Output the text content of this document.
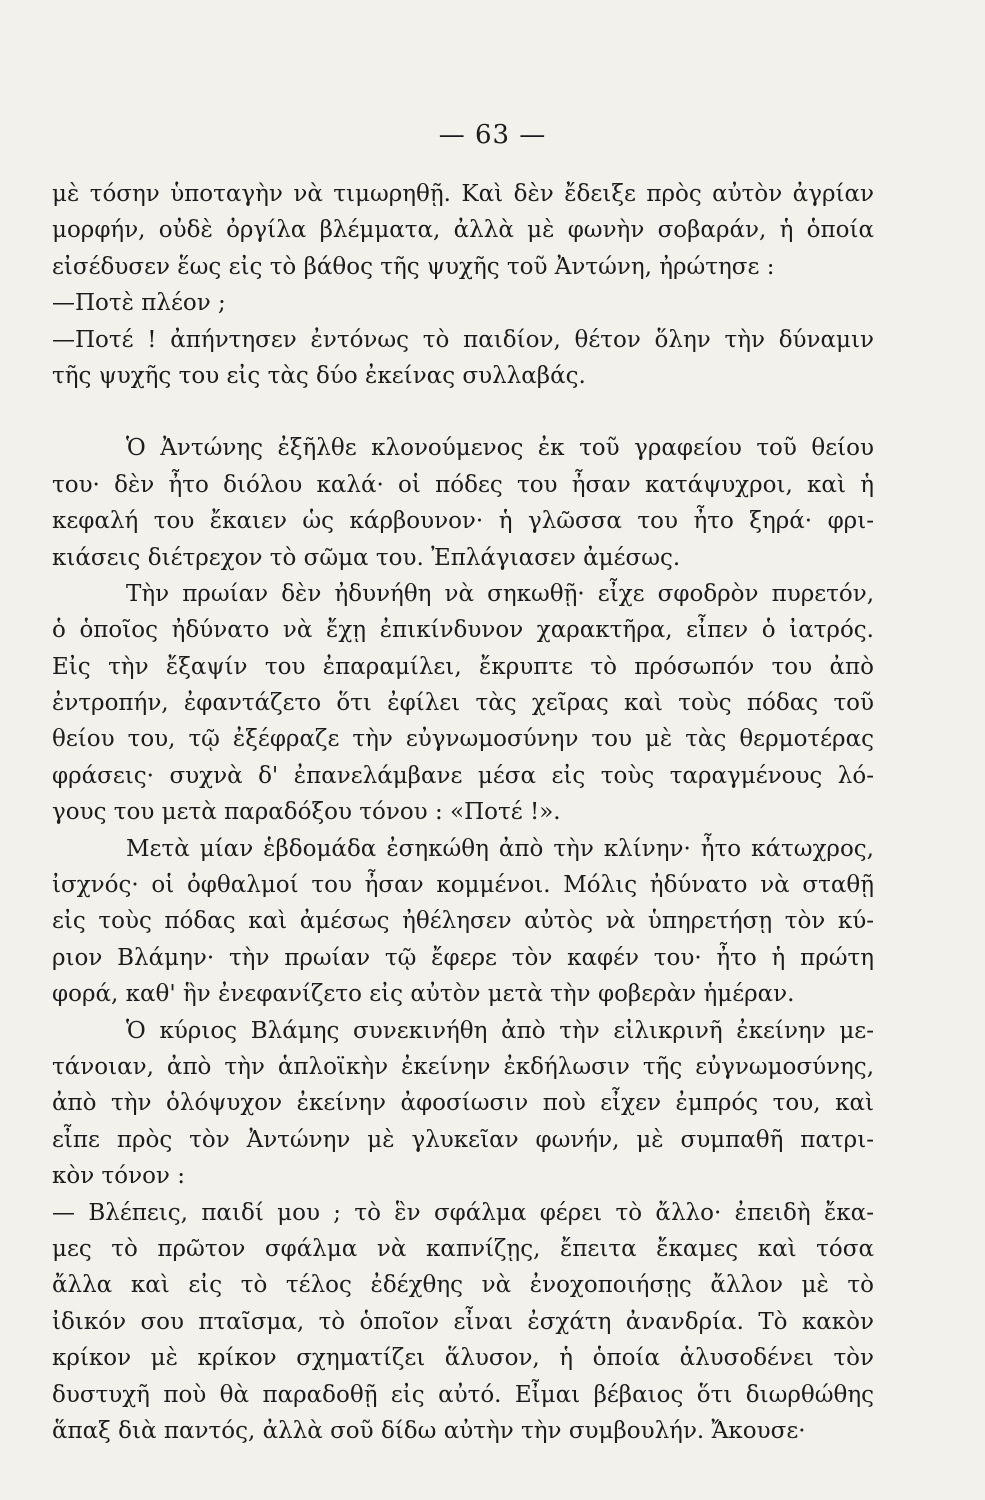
— 63 —
μὲ τόσην ὑποταγὴν νὰ τιμωρηθῇ. Καὶ δὲν ἔδειξε πρὸς αὐτὸν ἀγρίαν
μορφήν, οὐδὲ ὀργίλα βλέμματα, ἀλλὰ μὲ φωνὴν σοβαράν, ἡ ὁποία
εἰσέδυσεν ἕως εἰς τὸ βάθος τῆς ψυχῆς τοῦ Ἀντώνη, ἠρώτησε :
—Ποτὲ πλέον ;
—Ποτέ ! ἀπήντησεν ἐντόνως τὸ παιδίον, θέτον ὅλην τὴν δύναμιν
τῆς ψυχῆς του εἰς τὰς δύο ἐκείνας συλλαβάς.
Ὁ Ἀντώνης ἐξῆλθε κλονούμενος ἐκ τοῦ γραφείου τοῦ θείου
του· δὲν ἦτο διόλου καλά· οἱ πόδες του ἦσαν κατάψυχροι, καὶ ἡ
κεφαλή του ἔκαιεν ὡς κάρβουνον· ἡ γλῶσσα του ἦτο ξηρά· φρι-
κιάσεις διέτρεχον τὸ σῶμα του. Ἐπλάγιασεν ἀμέσως.
Τὴν πρωίαν δὲν ἠδυνήθη νὰ σηκωθῇ· εἶχε σφοδρὸν πυρετόν,
ὁ ὁποῖος ἠδύνατο νὰ ἔχῃ ἐπικίνδυνον χαρακτῆρα, εἶπεν ὁ ἰατρός.
Εἰς τὴν ἔξαψίν του ἐπαραμίλει, ἔκρυπτε τὸ πρόσωπόν του ἀπὸ
ἐντροπήν, ἐφαντάζετο ὅτι ἐφίλει τὰς χεῖρας καὶ τοὺς πόδας τοῦ
θείου του, τῷ ἐξέφραζε τὴν εὐγνωμοσύνην του μὲ τὰς θερμοτέρας
φράσεις· συχνὰ δ' ἐπανελάμβανε μέσα εἰς τοὺς ταραγμένους λό-
γους του μετὰ παραδόξου τόνου : «Ποτέ !».
Μετὰ μίαν ἑβδομάδα ἐσηκώθη ἀπὸ τὴν κλίνην· ἦτο κάτωχρος,
ἰσχνός· οἱ ὀφθαλμοί του ἦσαν κομμένοι. Μόλις ἠδύνατο νὰ σταθῇ
εἰς τοὺς πόδας καὶ ἀμέσως ἠθέλησεν αὐτὸς νὰ ὑπηρετήσῃ τὸν κύ-
ριον Βλάμην· τὴν πρωίαν τῷ ἔφερε τὸν καφέν του· ἦτο ἡ πρώτη
φορά, καθ' ἣν ἐνεφανίζετο εἰς αὐτὸν μετὰ τὴν φοβερὰν ἡμέραν.
Ὁ κύριος Βλάμης συνεκινήθη ἀπὸ τὴν εἰλικρινῆ ἐκείνην με-
τάνοιαν, ἀπὸ τὴν ἁπλοϊκὴν ἐκείνην ἐκδήλωσιν τῆς εὐγνωμοσύνης,
ἀπὸ τὴν ὁλόψυχον ἐκείνην ἀφοσίωσιν ποὺ εἶχεν ἐμπρός του, καὶ
εἶπε πρὸς τὸν Ἀντώνην μὲ γλυκεῖαν φωνήν, μὲ συμπαθῆ πατρι-
κὸν τόνον :
— Βλέπεις, παιδί μου ; τὸ ἓν σφάλμα φέρει τὸ ἄλλο· ἐπειδὴ ἔκα-
μες τὸ πρῶτον σφάλμα νὰ καπνίζῃς, ἔπειτα ἔκαμες καὶ τόσα
ἄλλα καὶ εἰς τὸ τέλος ἐδέχθης νὰ ἐνοχοποιήσῃς ἄλλον μὲ τὸ
ἰδικόν σου πταῖσμα, τὸ ὁποῖον εἶναι ἐσχάτη ἀνανδρία. Τὸ κακὸν
κρίκον μὲ κρίκον σχηματίζει ἅλυσον, ἡ ὁποία ἁλυσοδένει τὸν
δυστυχῆ ποὺ θὰ παραδοθῇ εἰς αὐτό. Εἶμαι βέβαιος ὅτι διωρθώθης
ἅπαξ διὰ παντός, ἀλλὰ σοῦ δίδω αὐτὴν τὴν συμβουλήν. Ἄκουσε·
